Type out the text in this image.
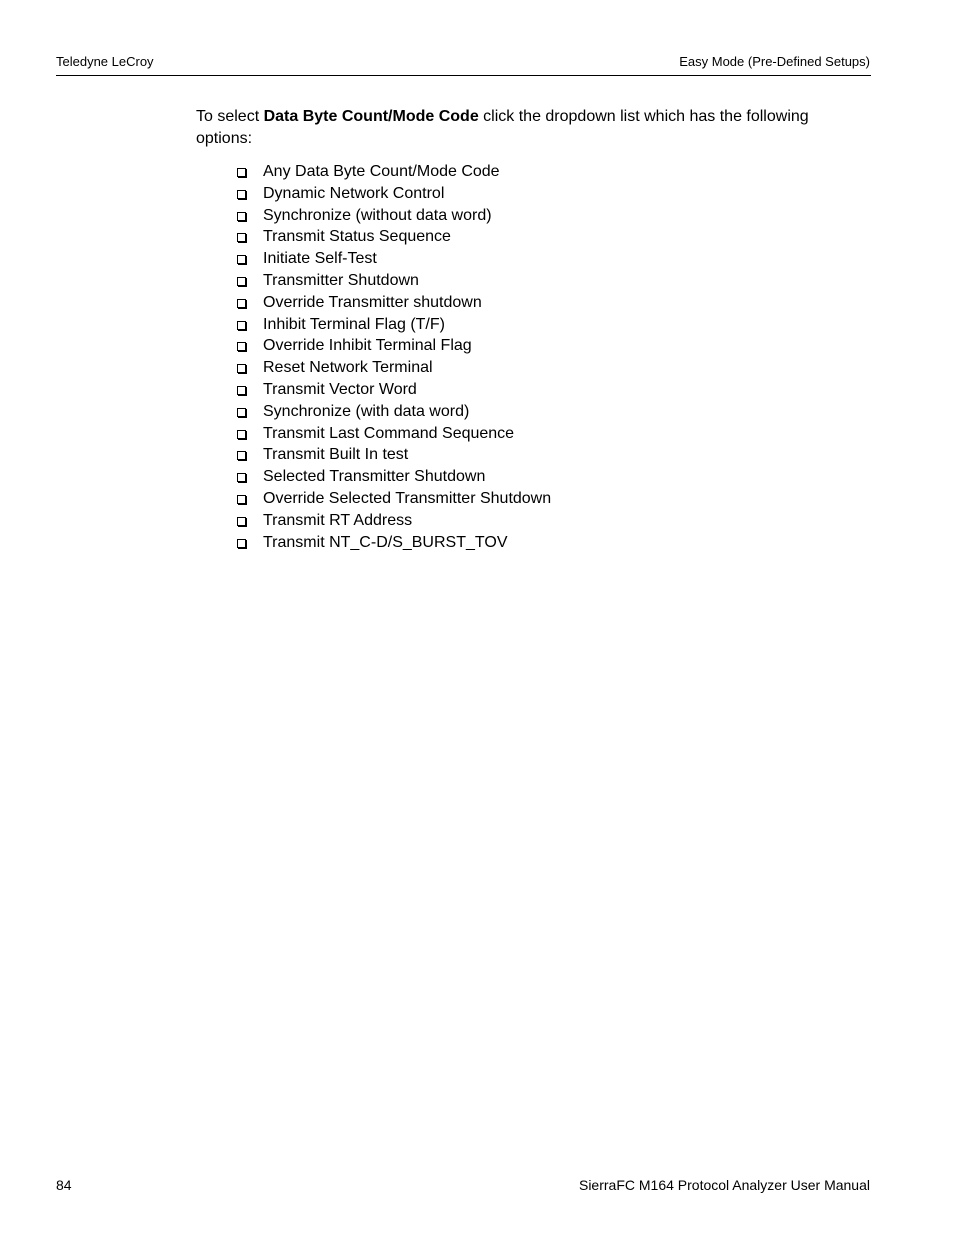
Teledyne LeCroy	Easy Mode (Pre-Defined Setups)

To select Data Byte Count/Mode Code click the dropdown list which has the following options:

Any Data Byte Count/Mode Code
Dynamic Network Control
Synchronize (without data word)
Transmit Status Sequence
Initiate Self-Test
Transmitter Shutdown
Override Transmitter shutdown
Inhibit Terminal Flag (T/F)
Override Inhibit Terminal Flag
Reset Network Terminal
Transmit Vector Word
Synchronize (with data word)
Transmit Last Command Sequence
Transmit Built In test
Selected Transmitter Shutdown
Override Selected Transmitter Shutdown
Transmit RT Address
Transmit NT_C-D/S_BURST_TOV
84	SierraFC M164 Protocol Analyzer User Manual
